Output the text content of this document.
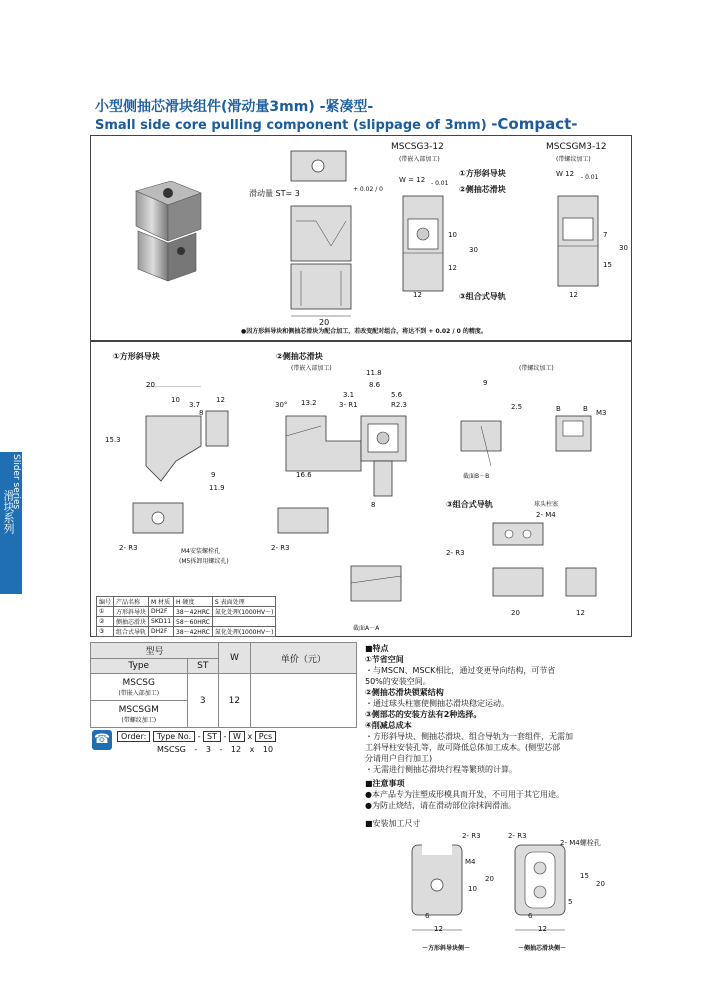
小型侧抽芯滑块组件(滑动量3mm) -紧凑型-
Small side core pulling component (slippage of 3mm) -Compact-
Slider series
滑块系列
滑动量 ST= 3	+ 0.02 / 0
20
MSCSG3-12
(带嵌入部加工)
W = 12 - 0.01
10
12
30
12
①方形斜导块
②侧抽芯滑块
③组合式导轨
MSCSGM3-12
(带螺纹加工)
W 12 - 0.01
7
15
30
12
●因方形斜导块和侧抽芯滑块为配合加工，若改变配对组合，将达不到 + 0.02 / 0 的精度。
①方形斜导块	②侧抽芯滑块
(带嵌入部加工)	(带螺纹加工)
20
10
3.7
8
12
15.3
9
11.9
30° 13.2
16.6
11.8
8.6
3.1	5.6
3- R1	R2.3
8
9
2.5
截面B－B
B	B M3
2- R3	M4安装螺栓孔
(M5拆卸用螺纹孔)
2- R3
截面A－A
③组合式导轨	球头柱塞
2- M4
2- R3
20	12
编号	产品名称	M 材质	H 硬度	S 表面处理
①	方形斜导块	DH2F	38～42HRC	氮化处理(1000HV～)
②	侧抽芯滑块	SKD11	58～60HRC	
③	组合式导轨	DH2F	38～42HRC	氮化处理(1000HV～)
型号		W	单价（元）
Type	ST		

MSCSG
(带嵌入部加工)	3	12	

MSCSGM
(带螺纹加工)			
☎	Order: Type No. - ST - W x Pcs
MSCSG - 3 - 12 x 10
■特点
①节省空间
・与MSCN、MSCK相比，通过变更导向结构，可节省
50%的安装空间。
②侧抽芯滑块锁紧结构
・通过球头柱塞使侧抽芯滑块稳定运动。
③侧部芯的安装方法有2种选择。
④削减总成本
・方形斜导块、侧抽芯滑块、组合导轨为一套组件，无需加
工斜导柱安装孔等，故可降低总体加工成本。(侧型芯部
分请用户自行加工)
・无需进行侧抽芯滑块行程等繁琐的计算。
■注意事项
●本产品专为注塑成形模具而开发，不可用于其它用途。
●为防止烧结，请在滑动部位涂抹润滑油。
■安装加工尺寸
2- R3
M4
10
20
6
12
－方形斜导块侧－
2- R3
2- M4螺栓孔
15
20
5
6
12
－侧抽芯滑块侧－
